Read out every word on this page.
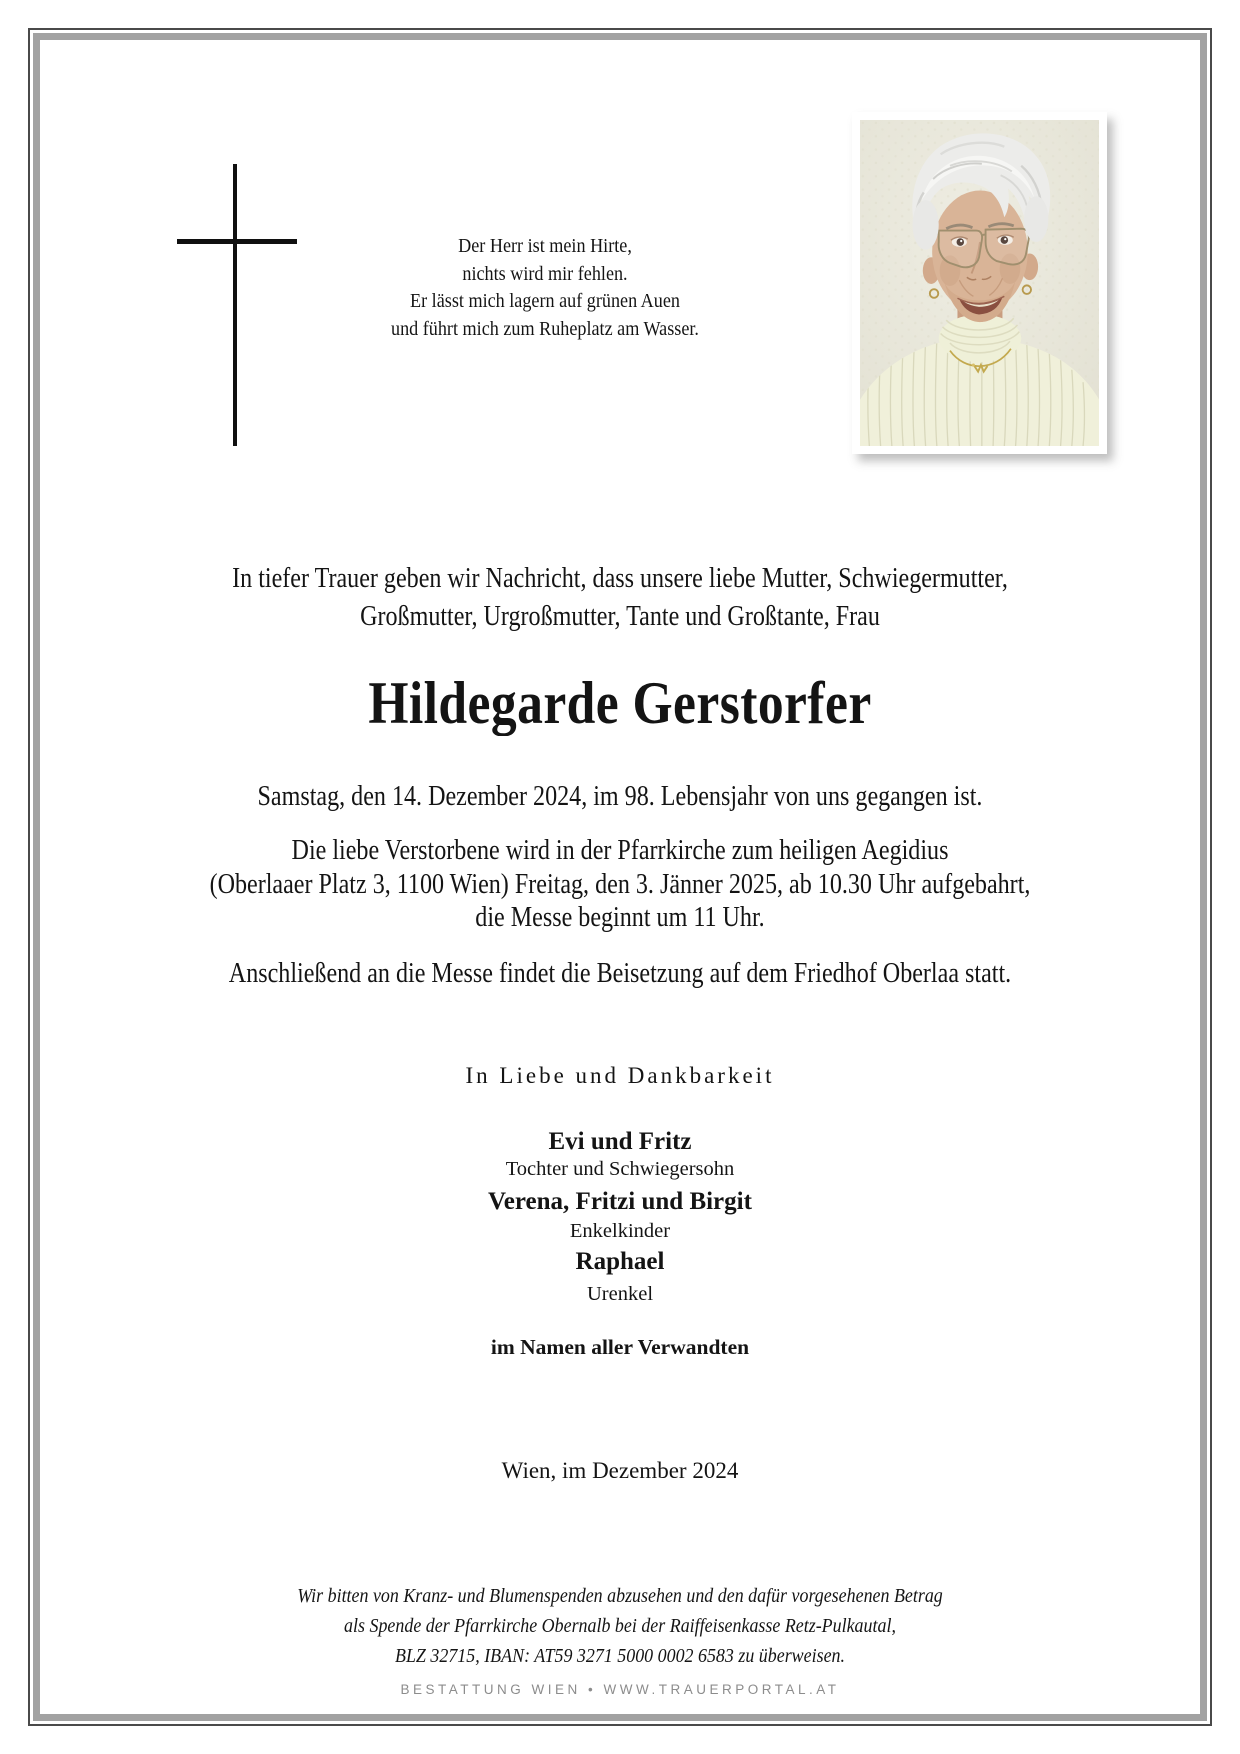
Der Herr ist mein Hirte,
nichts wird mir fehlen.
Er lässt mich lagern auf grünen Auen
und führt mich zum Ruheplatz am Wasser.
In tiefer Trauer geben wir Nachricht, dass unsere liebe Mutter, Schwiegermutter,
Großmutter, Urgroßmutter, Tante und Großtante, Frau
Hildegarde Gerstorfer
Samstag, den 14. Dezember 2024, im 98. Lebensjahr von uns gegangen ist.
Die liebe Verstorbene wird in der Pfarrkirche zum heiligen Aegidius
(Oberlaaer Platz 3, 1100 Wien) Freitag, den 3. Jänner 2025, ab 10.30 Uhr aufgebahrt,
die Messe beginnt um 11 Uhr.
Anschließend an die Messe findet die Beisetzung auf dem Friedhof Oberlaa statt.
In Liebe und Dankbarkeit
Evi und Fritz
Tochter und Schwiegersohn
Verena, Fritzi und Birgit
Enkelkinder
Raphael
Urenkel
im Namen aller Verwandten
Wien, im Dezember 2024
Wir bitten von Kranz- und Blumenspenden abzusehen und den dafür vorgesehenen Betrag
als Spende der Pfarrkirche Obernalb bei der Raiffeisenkasse Retz-Pulkautal,
BLZ 32715, IBAN: AT59 3271 5000 0002 6583 zu überweisen.
BESTATTUNG WIEN • WWW.TRAUERPORTAL.AT
